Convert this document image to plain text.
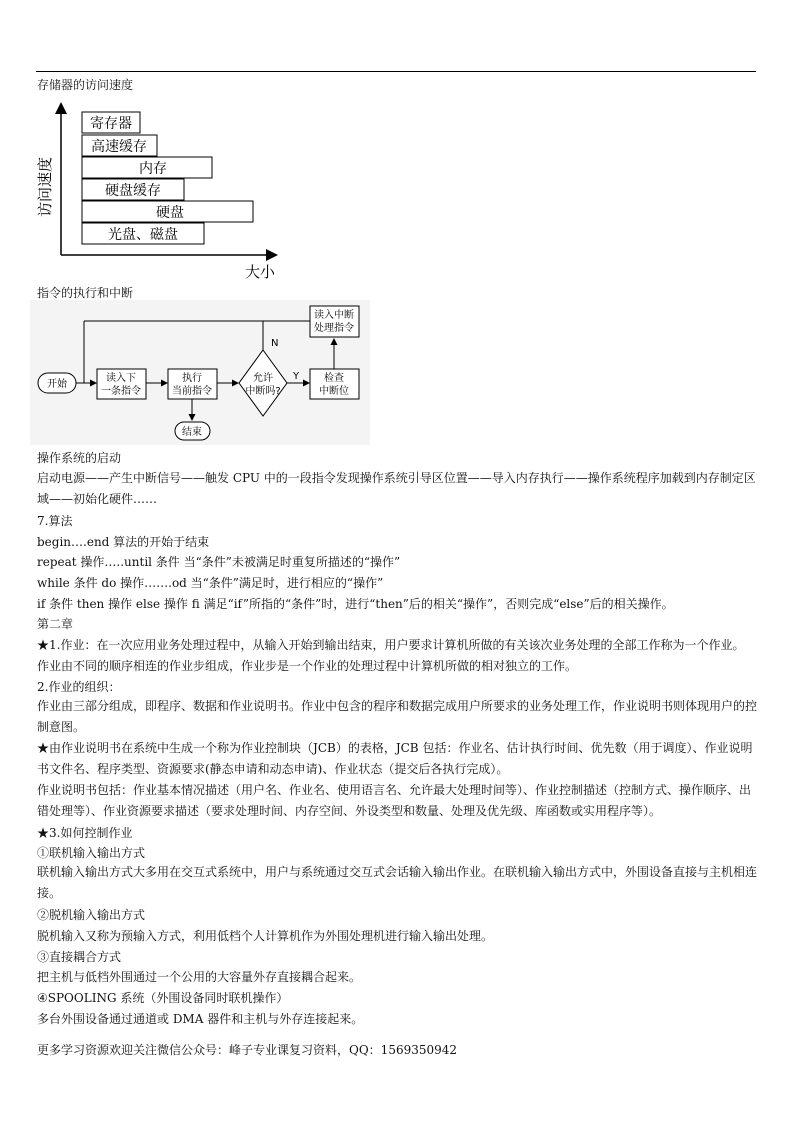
存储器的访问速度
访问速度
大小
寄存器
高速缓存
内存
硬盘缓存
硬盘
光盘、磁盘
指令的执行和中断
开始
读入下
一条指令
执行
当前指令
结束
允许
中断吗?
N
Y 检查
中断位
读入中断
处理指令
操作系统的启动
启动电源——产生中断信号——触发 CPU 中的一段指令发现操作系统引导区位置——导入内存执行——操作系统程序加载到内存制定区域——初始化硬件……
7.算法
begin….end 算法的开始于结束
repeat 操作…..until 条件 当“条件”未被满足时重复所描述的“操作”
while 条件 do 操作…….od 当“条件”满足时，进行相应的“操作”
if 条件 then 操作 else 操作 fi 满足“if”所指的“条件”时，进行“then”后的相关“操作”，否则完成“else”后的相关操作。
第二章
★1.作业：在一次应用业务处理过程中，从输入开始到输出结束，用户要求计算机所做的有关该次业务处理的全部工作称为一个作业。
作业由不同的顺序相连的作业步组成，作业步是一个作业的处理过程中计算机所做的相对独立的工作。
2.作业的组织：
作业由三部分组成，即程序、数据和作业说明书。作业中包含的程序和数据完成用户所要求的业务处理工作，作业说明书则体现用户的控制意图。
★由作业说明书在系统中生成一个称为作业控制块（JCB）的表格，JCB 包括：作业名、估计执行时间、优先数（用于调度）、作业说明书文件名、程序类型、资源要求(静态申请和动态申请)、作业状态（提交后各执行完成）。
作业说明书包括：作业基本情况描述（用户名、作业名、使用语言名、允许最大处理时间等）、作业控制描述（控制方式、操作顺序、出错处理等）、作业资源要求描述（要求处理时间、内存空间、外设类型和数量、处理及优先级、库函数或实用程序等）。
★3.如何控制作业
①联机输入输出方式
联机输入输出方式大多用在交互式系统中，用户与系统通过交互式会话输入输出作业。在联机输入输出方式中，外围设备直接与主机相连接。
②脱机输入输出方式
脱机输入又称为预输入方式，利用低档个人计算机作为外围处理机进行输入输出处理。
③直接耦合方式
把主机与低档外围通过一个公用的大容量外存直接耦合起来。
④SPOOLING 系统（外围设备同时联机操作）
多台外围设备通过通道或 DMA 器件和主机与外存连接起来。
更多学习资源欢迎关注微信公众号：峰子专业课复习资料，QQ：1569350942
